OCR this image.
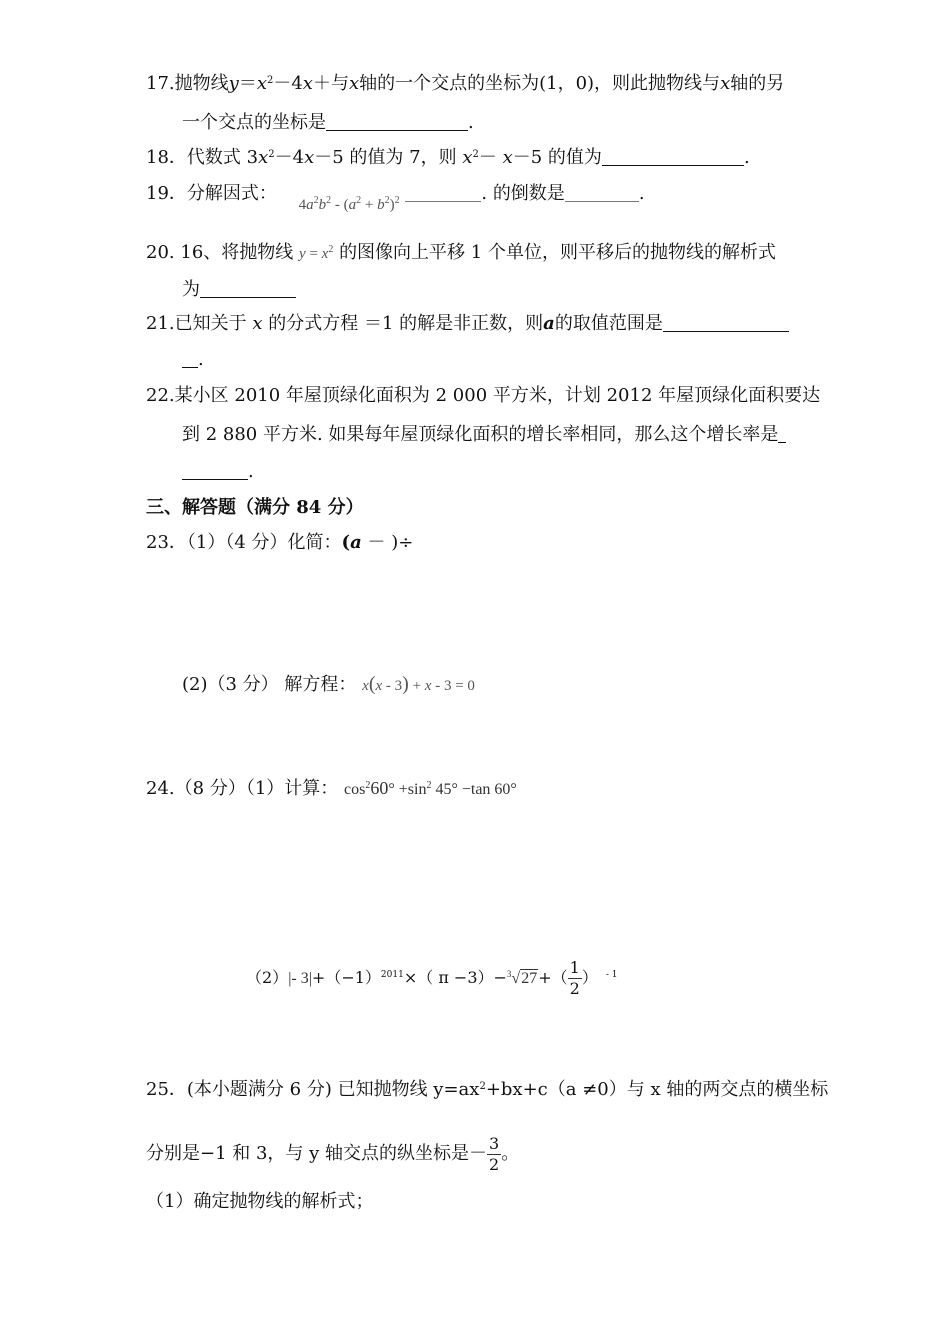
17.抛物线$y=x^2-4x+$与x轴的一个交点的坐标为(1，0)，则此抛物线与x轴的另
一个交点的坐标是	.
18．代数式 $3x^2-4x-5$ 的值为 7，则 $x^2- x-5$ 的值为	.
19．分解因式： $_{4a^2b^2 - (a^2 + b^2)^2}$	. 的倒数是	.
20. 16、将抛物线 $y = x^2$ 的图像向上平移 1 个单位，则平移后的抛物线的解析式
为
21.已知关于 x 的分式方程 ＝1 的解是非正数，则a的取值范围是
.
22.某小区 2010 年屋顶绿化面积为 2 000 平方米，计划 2012 年屋顶绿化面积要达
到 2 880 平方米. 如果每年屋顶绿化面积的增长率相同，那么这个增长率是
.
三、解答题（满分 84 分）
23．（1）（4 分）化简：(a － )÷
(2)（3 分） 解方程： x(x - 3) + x - 3 = 0
24.（8 分）（1）计算： $\cos^260^\circ +\sin^2$ 45° −tan 60°
（2）|- $3|+(-1)^{2011}\times$（ $\pi -3)-^3√27+( \frac{1}{2}$ ） $^{- 1}$
25．(本小题满分 6 分) 已知抛物线 $y=ax^2+bx+c(a \ne 0)$与 x 轴的两交点的横坐标
分别是−1 和 3，与 y 轴交点的纵坐标是－ $\frac{3}{2}$ 。
（1）确定抛物线的解析式；
